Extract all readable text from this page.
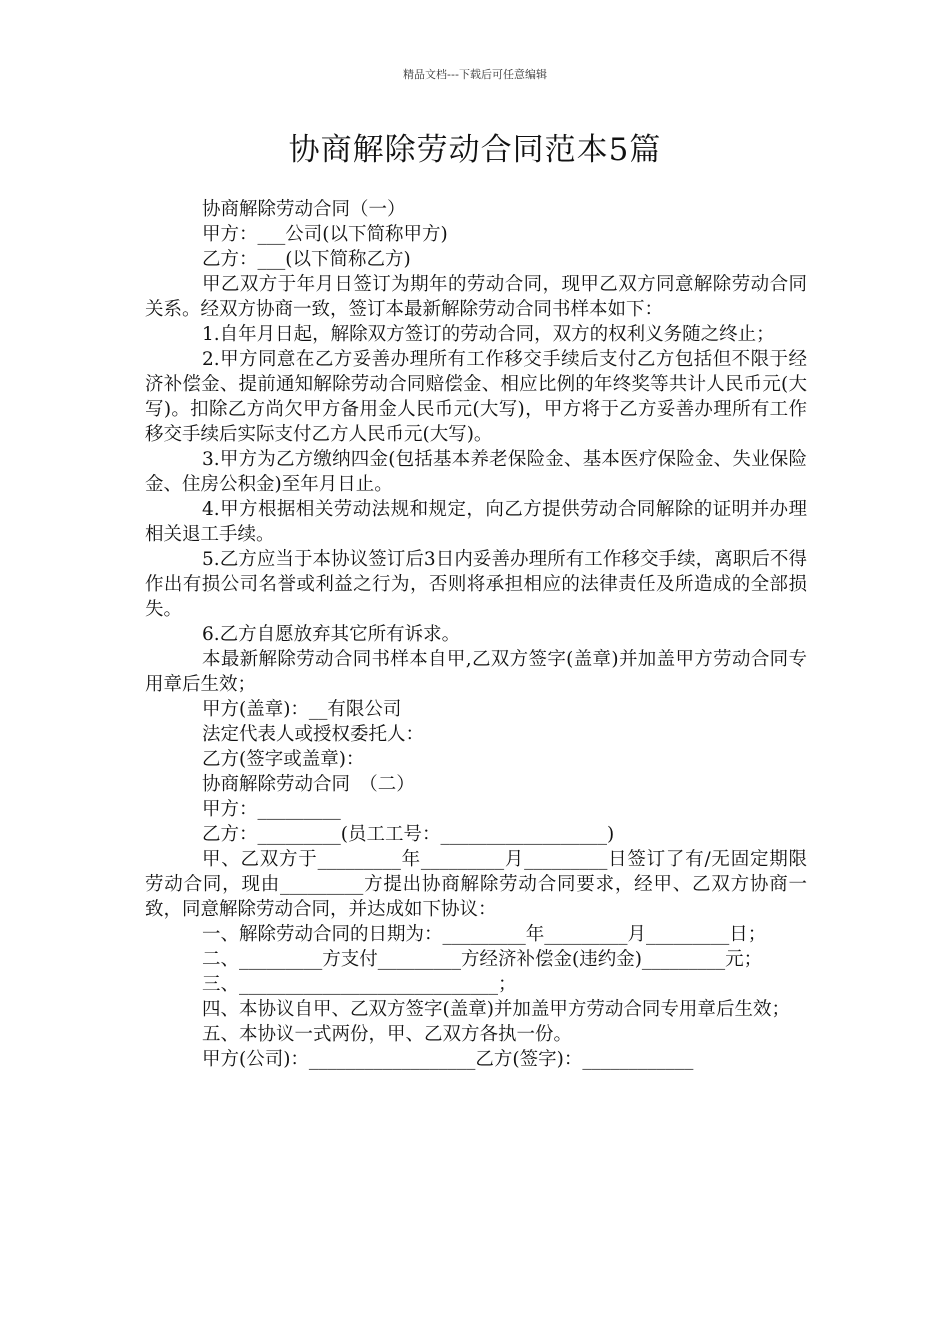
精品文档---下载后可任意编辑
协商解除劳动合同范本5篇

协商解除劳动合同（一）

甲方：___公司(以下简称甲方)

乙方：___(以下简称乙方)

甲乙双方于年月日签订为期年的劳动合同，现甲乙双方同意解除劳动合同关系。经双方协商一致，签订本最新解除劳动合同书样本如下：

1.自年月日起，解除双方签订的劳动合同，双方的权利义务随之终止；

2.甲方同意在乙方妥善办理所有工作移交手续后支付乙方包括但不限于经济补偿金、提前通知解除劳动合同赔偿金、相应比例的年终奖等共计人民币元(大写)。扣除乙方尚欠甲方备用金人民币元(大写)，甲方将于乙方妥善办理所有工作移交手续后实际支付乙方人民币元(大写)。

3.甲方为乙方缴纳四金(包括基本养老保险金、基本医疗保险金、失业保险金、住房公积金)至年月日止。

4.甲方根据相关劳动法规和规定，向乙方提供劳动合同解除的证明并办理相关退工手续。

5.乙方应当于本协议签订后3日内妥善办理所有工作移交手续，离职后不得作出有损公司名誉或利益之行为，否则将承担相应的法律责任及所造成的全部损失。

6.乙方自愿放弃其它所有诉求。

本最新解除劳动合同书样本自甲,乙双方签字(盖章)并加盖甲方劳动合同专用章后生效；

甲方(盖章)：__有限公司

法定代表人或授权委托人：

乙方(签字或盖章)：

协商解除劳动合同　（二）

甲方：_________

乙方：_________(员工工号：__________________)

甲、乙双方于_________年_________月_________日签订了有/无固定期限劳动合同，现由_________方提出协商解除劳动合同要求，经甲、乙双方协商一致，同意解除劳动合同，并达成如下协议：

一、解除劳动合同的日期为：_________年_________月_________日；

二、_________方支付_________方经济补偿金(违约金)_________元；

三、____________________________；

四、本协议自甲、乙双方签字(盖章)并加盖甲方劳动合同专用章后生效；

五、本协议一式两份，甲、乙双方各执一份。

甲方(公司)：__________________乙方(签字)：____________
